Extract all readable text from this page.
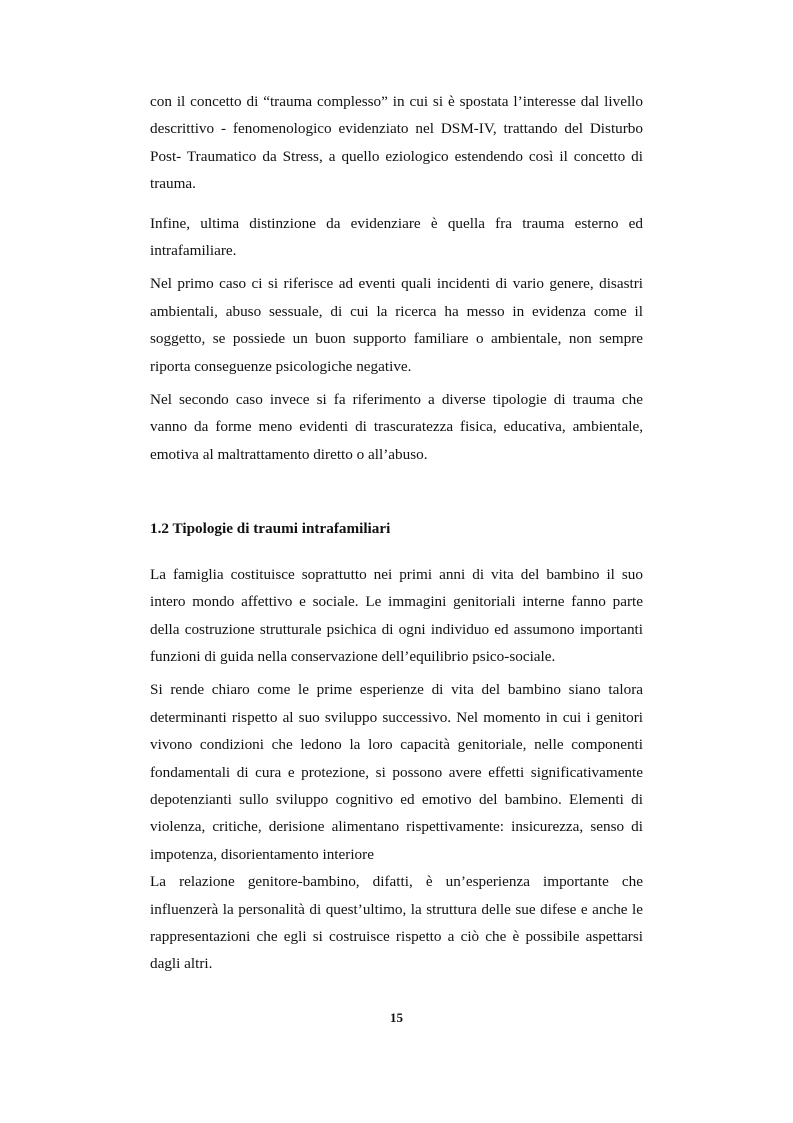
con il concetto di “trauma complesso” in cui si è spostata l’interesse dal livello descrittivo - fenomenologico evidenziato nel DSM-IV, trattando del Disturbo Post- Traumatico da Stress, a quello eziologico estendendo così il concetto di trauma.

Infine, ultima distinzione da evidenziare è quella fra trauma esterno ed intrafamiliare.

Nel primo caso ci si riferisce ad eventi quali incidenti di vario genere, disastri ambientali, abuso sessuale, di cui la ricerca ha messo in evidenza come il soggetto, se possiede un buon supporto familiare o ambientale, non sempre riporta conseguenze psicologiche negative.

Nel secondo caso invece si fa riferimento a diverse tipologie di trauma che vanno da forme meno evidenti di trascuratezza fisica, educativa, ambientale, emotiva al maltrattamento diretto o all’abuso.

1.2 Tipologie di traumi intrafamiliari

La famiglia costituisce soprattutto nei primi anni di vita del bambino il suo intero mondo affettivo e sociale. Le immagini genitoriali interne fanno parte della costruzione strutturale psichica di ogni individuo ed assumono importanti funzioni di guida nella conservazione dell’equilibrio psico-sociale.

Si rende chiaro come le prime esperienze di vita del bambino siano talora determinanti rispetto al suo sviluppo successivo. Nel momento in cui i genitori vivono condizioni che ledono la loro capacità genitoriale, nelle componenti fondamentali di cura e protezione, si possono avere effetti significativamente depotenzianti sullo sviluppo cognitivo ed emotivo del bambino. Elementi di violenza, critiche, derisione alimentano rispettivamente: insicurezza, senso di impotenza, disorientamento interiore

La relazione genitore-bambino, difatti, è un’esperienza importante che influenzerà la personalità di quest’ultimo, la struttura delle sue difese e anche le rappresentazioni che egli si costruisce rispetto a ciò che è possibile aspettarsi dagli altri.

15
